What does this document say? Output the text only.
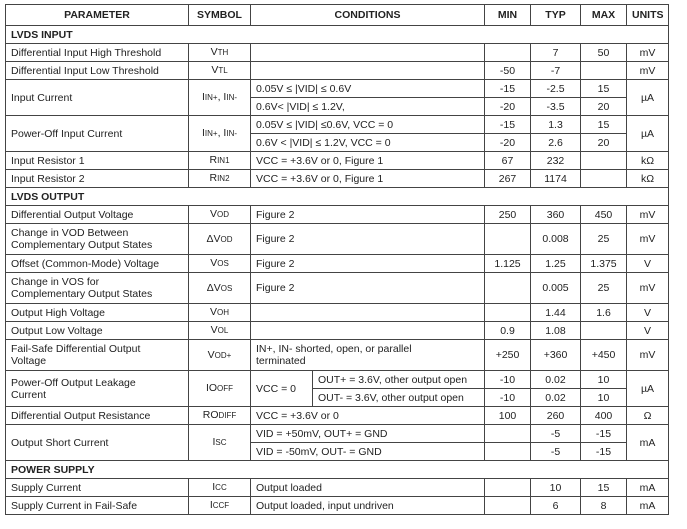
PARAMETER	SYMBOL	CONDITIONS		MIN	TYP	MAX	UNITS
LVDS INPUT							
Differential Input High Threshold	VTH				7	50	mV
Differential Input Low Threshold	VTL			-50	-7		mV
Input Current	IIN+, IIN-	0.05V ≤ |VID| ≤ 0.6V		-15	-2.5	15	µA
		0.6V< |VID| ≤ 1.2V,		-20	-3.5	20	
Power-Off Input Current	IIN+, IIN-	0.05V ≤ |VID| ≤0.6V, VCC = 0		-15	1.3	15	µA
		0.6V < |VID| ≤ 1.2V, VCC = 0		-20	2.6	20	
Input Resistor 1	RIN1	VCC = +3.6V or 0, Figure 1		67	232		kΩ
Input Resistor 2	RIN2	VCC = +3.6V or 0, Figure 1		267	1174		kΩ
LVDS OUTPUT							
Differential Output Voltage	VOD	Figure 2		250	360	450	mV
Change in VOD Between
Complementary Output States	ΔVOD	Figure 2			0.008	25	mV
Offset (Common-Mode) Voltage	VOS	Figure 2		1.125	1.25	1.375	V
Change in VOS for
Complementary Output States	ΔVOS	Figure 2			0.005	25	mV
Output High Voltage	VOH				1.44	1.6	V
Output Low Voltage	VOL			0.9	1.08		V
Fail-Safe Differential Output
Voltage	VOD+	IN+, IN- shorted, open, or parallel
terminated		+250	+360	+450	mV
Power-Off Output Leakage
Current	IOOFF	VCC = 0	OUT+ = 3.6V, other output open	-10	0.02	10	µA
			OUT- = 3.6V, other output open	-10	0.02	10	
Differential Output Resistance	RODIFF	VCC = +3.6V or 0		100	260	400	Ω
Output Short Current	ISC	VID = +50mV, OUT+ = GND			-5	-15	mA
		VID = -50mV, OUT- = GND			-5	-15	
POWER SUPPLY							
Supply Current	ICC	Output loaded			10	15	mA
Supply Current in Fail-Safe	ICCF	Output loaded, input undriven			6	8	mA
